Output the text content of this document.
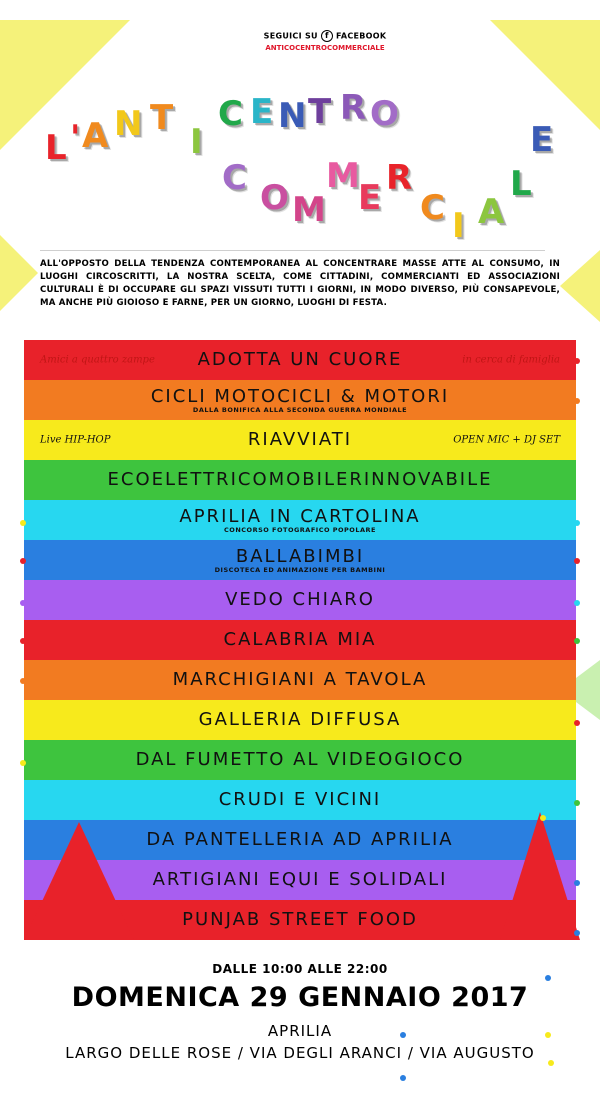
SEGUICI SU f FACEBOOK
ANTICOCENTROCOMMERCIALE
L ' A N T
I
C E N T R O
C O M
M
E R
C I A
L
E
ALL'OPPOSTO DELLA TENDENZA CONTEMPORANEA AL CONCENTRARE MASSE ATTE AL CONSUMO, IN LUOGHI CIRCOSCRITTI, LA NOSTRA SCELTA, COME CITTADINI, COMMERCIANTI ED ASSOCIAZIONI CULTURALI È DI OCCUPARE GLI SPAZI VISSUTI TUTTI I GIORNI, IN MODO DIVERSO, PIÙ CONSAPEVOLE, MA ANCHE PIÙ GIOIOSO E FARNE, PER UN GIORNO, LUOGHI DI FESTA.
ADOTTA UN CUORE
Amici a quattro zampe	in cerca di famiglia
CICLI MOTOCICLI & MOTORI
DALLA BONIFICA ALLA SECONDA GUERRA MONDIALE
RIAVVIATI
Live HIP-HOP	OPEN MIC + DJ SET
ECOELETTRICOMOBILERINNOVABILE
APRILIA IN CARTOLINA
CONCORSO FOTOGRAFICO POPOLARE
BALLABIMBI
DISCOTECA ED ANIMAZIONE PER BAMBINI
VEDO CHIARO
CALABRIA MIA
MARCHIGIANI A TAVOLA
GALLERIA DIFFUSA
DAL FUMETTO AL VIDEOGIOCO
CRUDI E VICINI
DA PANTELLERIA AD APRILIA
ARTIGIANI EQUI E SOLIDALI
PUNJAB STREET FOOD
DALLE 10:00 ALLE 22:00
DOMENICA 29 GENNAIO 2017
APRILIA
LARGO DELLE ROSE / VIA DEGLI ARANCI / VIA AUGUSTO
